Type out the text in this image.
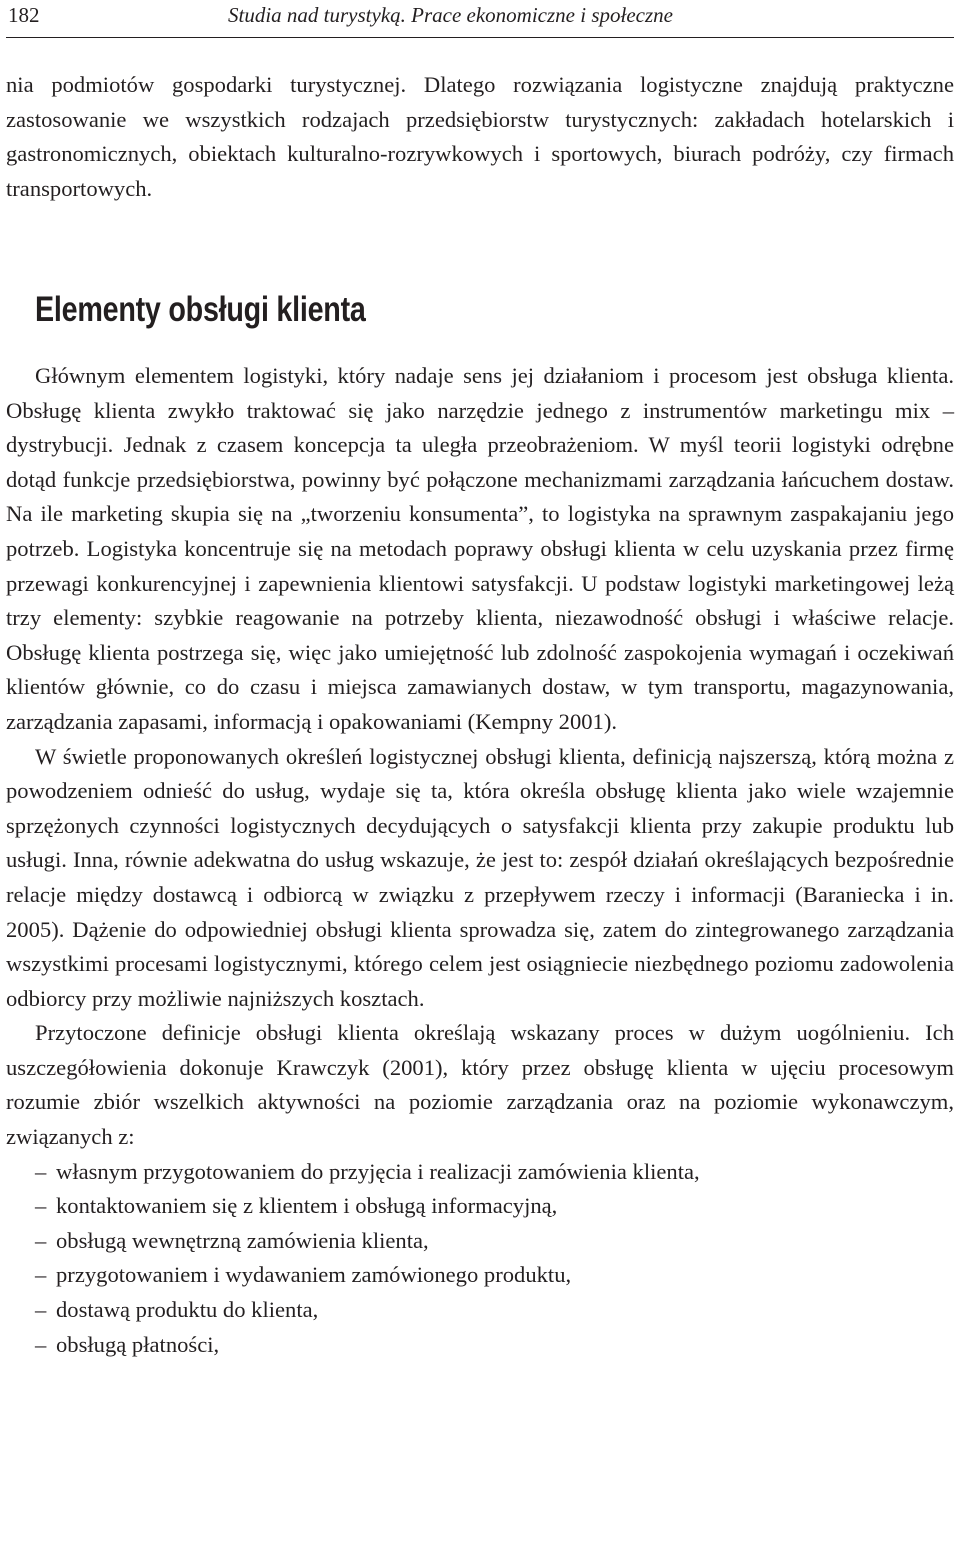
182	Studia nad turystyką. Prace ekonomiczne i społeczne

nia podmiotów gospodarki turystycznej. Dlatego rozwiązania logistyczne znajdują praktyczne zastosowanie we wszystkich rodzajach przedsiębiorstw turystycznych: zakładach hotelarskich i gastronomicznych, obiektach kulturalno-rozrywkowych i sportowych, biurach podróży, czy firmach transportowych.

Elementy obsługi klienta

Głównym elementem logistyki, który nadaje sens jej działaniom i procesom jest obsługa klienta. Obsługę klienta zwykło traktować się jako narzędzie jednego z instrumentów marketingu mix – dystrybucji. Jednak z czasem koncepcja ta uległa przeobrażeniom. W myśl teorii logistyki odrębne dotąd funkcje przedsiębiorstwa, powinny być połączone mechanizmami zarządzania łańcuchem dostaw. Na ile marketing skupia się na „tworzeniu konsumenta”, to logistyka na sprawnym zaspakajaniu jego potrzeb. Logistyka koncentruje się na metodach poprawy obsługi klienta w celu uzyskania przez firmę przewagi konkurencyjnej i zapewnienia klientowi satysfakcji. U podstaw logistyki marketingowej leżą trzy elementy: szybkie reagowanie na potrzeby klienta, niezawodność obsługi i właściwe relacje. Obsługę klienta postrzega się, więc jako umiejętność lub zdolność zaspokojenia wymagań i oczekiwań klientów głównie, co do czasu i miejsca zamawianych dostaw, w tym transportu, magazynowania, zarządzania zapasami, informacją i opakowaniami (Kempny 2001).

W świetle proponowanych określeń logistycznej obsługi klienta, definicją najszerszą, którą można z powodzeniem odnieść do usług, wydaje się ta, która określa obsługę klienta jako wiele wzajemnie sprzężonych czynności logistycznych decydujących o satysfakcji klienta przy zakupie produktu lub usługi. Inna, równie adekwatna do usług wskazuje, że jest to: zespół działań określających bezpośrednie relacje między dostawcą i odbiorcą w związku z przepływem rzeczy i informacji (Baraniecka i in. 2005). Dążenie do odpowiedniej obsługi klienta sprowadza się, zatem do zintegrowanego zarządzania wszystkimi procesami logistycznymi, którego celem jest osiągniecie niezbędnego poziomu zadowolenia odbiorcy przy możliwie najniższych kosztach.

Przytoczone definicje obsługi klienta określają wskazany proces w dużym uogólnieniu. Ich uszczegółowienia dokonuje Krawczyk (2001), który przez obsługę klienta w ujęciu procesowym rozumie zbiór wszelkich aktywności na poziomie zarządzania oraz na poziomie wykonawczym, związanych z:

– własnym przygotowaniem do przyjęcia i realizacji zamówienia klienta,
– kontaktowaniem się z klientem i obsługą informacyjną,
– obsługą wewnętrzną zamówienia klienta,
– przygotowaniem i wydawaniem zamówionego produktu,
– dostawą produktu do klienta,
– obsługą płatności,
